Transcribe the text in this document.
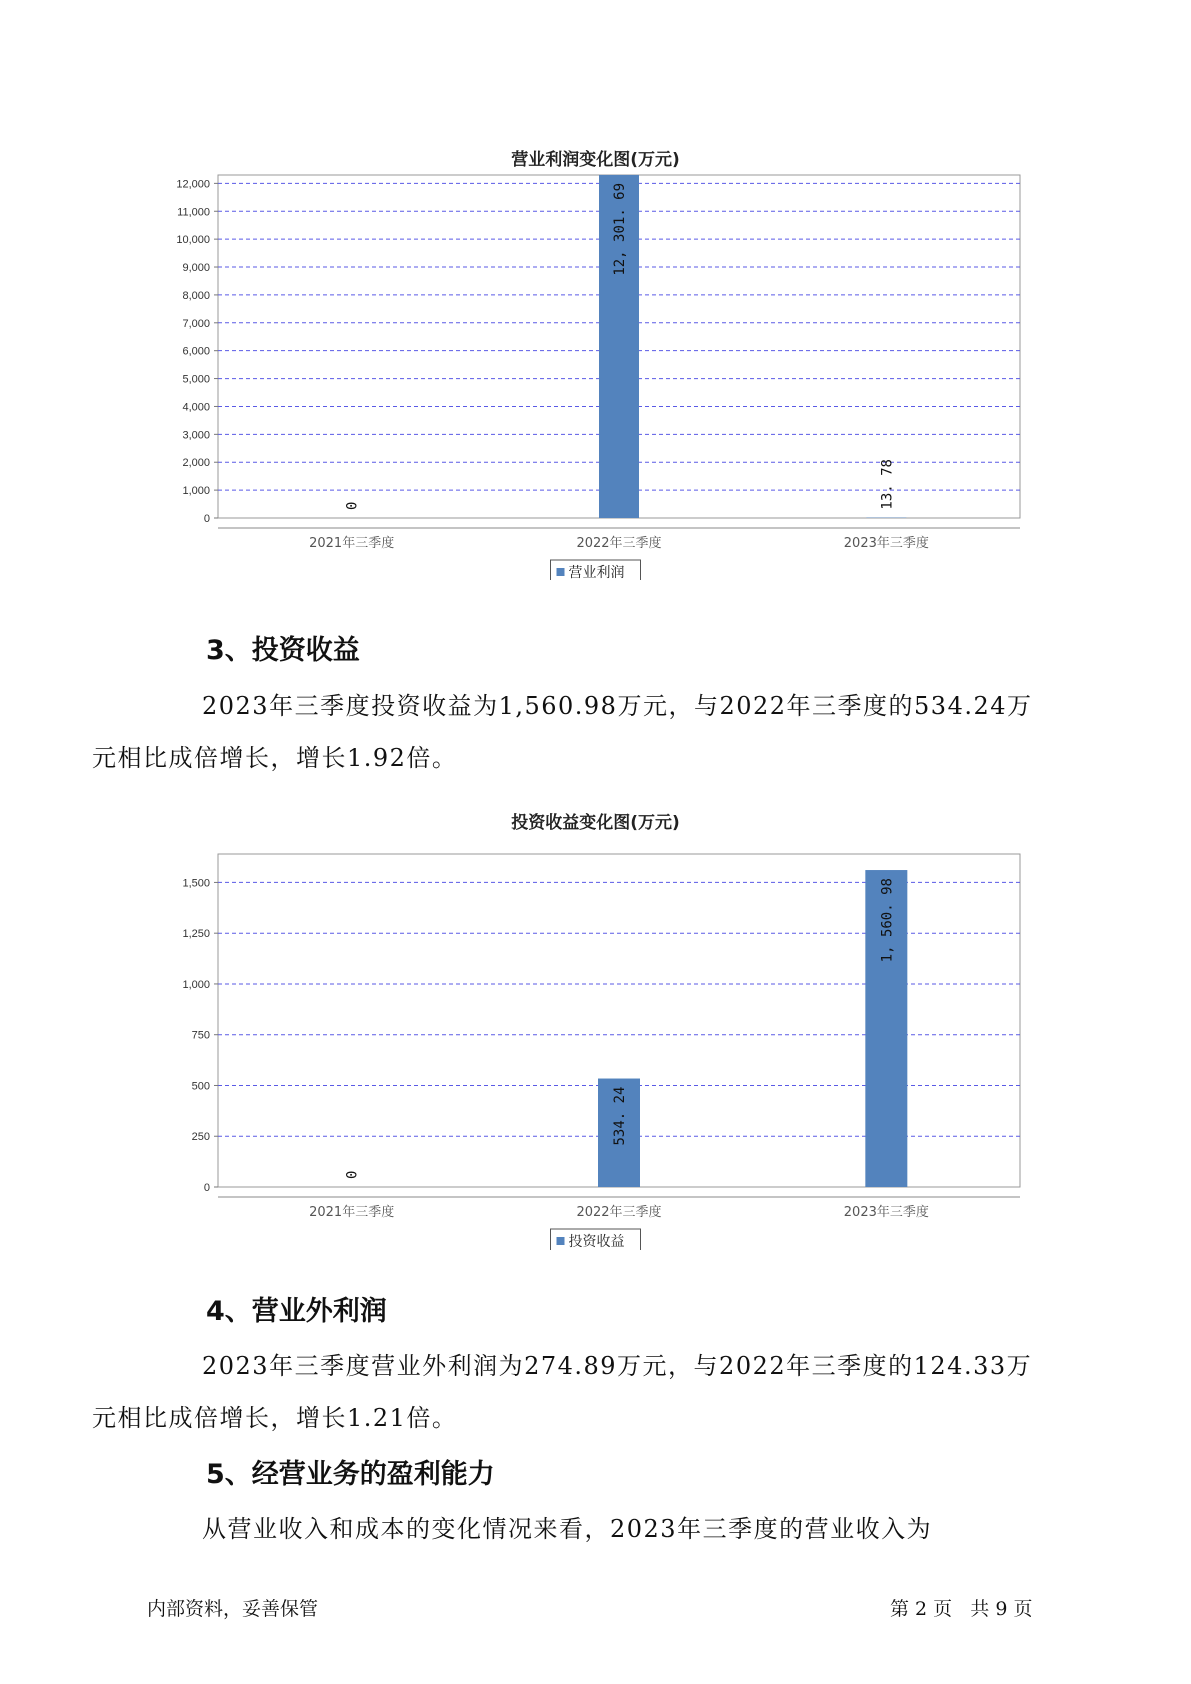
营业利润变化图(万元)
0
1,000
2,000
3,000
4,000
5,000
6,000
7,000
8,000
9,000
10,000
11,000
12,000
0
2021年三季度
12, 301. 69
2022年三季度
13. 78
2023年三季度
营业利润
3、投资收益

2023年三季度投资收益为1,560.98万元，与2022年三季度的534.24万
元相比成倍增长，增长1.92倍。

投资收益变化图(万元)
0
250
500
750
1,000
1,250
1,500
0
2021年三季度
534. 24
2022年三季度
1, 560. 98
2023年三季度
投资收益
4、营业外利润

2023年三季度营业外利润为274.89万元，与2022年三季度的124.33万
元相比成倍增长，增长1.21倍。

5、经营业务的盈利能力

从营业收入和成本的变化情况来看，2023年三季度的营业收入为

内部资料，妥善保管	第 2 页   共 9 页
